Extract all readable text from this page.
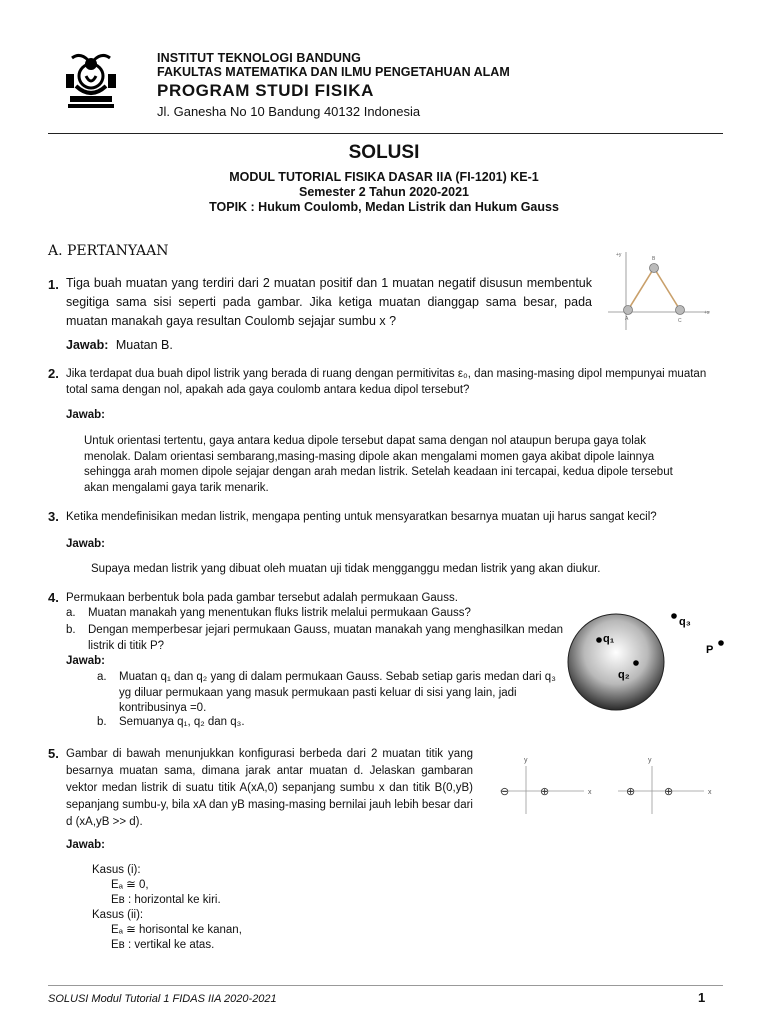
INSTITUT TEKNOLOGI BANDUNG
FAKULTAS MATEMATIKA DAN ILMU PENGETAHUAN ALAM
PROGRAM STUDI FISIKA
Jl. Ganesha No 10 Bandung 40132 Indonesia
SOLUSI
MODUL TUTORIAL FISIKA DASAR IIA (FI-1201) KE-1
Semester 2 Tahun 2020-2021
TOPIK : Hukum Coulomb, Medan Listrik dan Hukum Gauss
A. PERTANYAAN
1. Tiga buah muatan yang terdiri dari 2 muatan positif dan 1 muatan negatif disusun membentuk segitiga sama sisi seperti pada gambar. Jika ketiga muatan dianggap sama besar, pada muatan manakah gaya resultan Coulomb sejajar sumbu x ?
Jawab: Muatan B.
+y
+x
A
B
C
2. Jika terdapat dua buah dipol listrik yang berada di ruang dengan permitivitas ε₀, dan masing-masing dipol mempunyai muatan total sama dengan nol, apakah ada gaya coulomb antara kedua dipol tersebut?
Jawab:
Untuk orientasi tertentu, gaya antara kedua dipole tersebut dapat sama dengan nol ataupun berupa gaya tolak menolak. Dalam orientasi sembarang,masing-masing dipole akan mengalami momen gaya akibat dipole lainnya sehingga arah momen dipole sejajar dengan arah medan listrik. Setelah keadaan ini tercapai, kedua dipole tersebut akan mengalami gaya tarik menarik.
3. Ketika mendefinisikan medan listrik, mengapa penting untuk mensyaratkan besarnya muatan uji harus sangat kecil?
Jawab:
Supaya medan listrik yang dibuat oleh muatan uji tidak mengganggu medan listrik yang akan diukur.
4. Permukaan berbentuk bola pada gambar tersebut adalah permukaan Gauss.
a. Muatan manakah yang menentukan fluks listrik melalui permukaan Gauss?
b. Dengan memperbesar jejari permukaan Gauss, muatan manakah yang menghasilkan medan listrik di titik P?
Jawab:
a. Muatan q₁ dan q₂ yang di dalam permukaan Gauss. Sebab setiap garis medan dari q₃ yg diluar permukaan yang masuk permukaan pasti keluar di sisi yang lain, jadi kontribusinya =0.
b. Semuanya q₁, q₂ dan q₃.
q₁
q₂
q₃
P
5. Gambar di bawah menunjukkan konfigurasi berbeda dari 2 muatan titik yang besarnya muatan sama, dimana jarak antar muatan d. Jelaskan gambaran vektor medan listrik di suatu titik A(xA,0) sepanjang sumbu x dan titik B(0,yB) sepanjang sumbu-y, bila xA dan yB masing-masing bernilai jauh lebih besar dari d (xA,yB >> d).
y
x
⊖	⊕
y
x
⊕	⊕
Jawab:
Kasus (i):
Eₐ ≅ 0,
Eʙ : horizontal ke kiri.
Kasus (ii):
Eₐ ≅ horisontal ke kanan,
Eʙ : vertikal ke atas.
SOLUSI Modul Tutorial 1 FIDAS IIA 2020-2021	1
